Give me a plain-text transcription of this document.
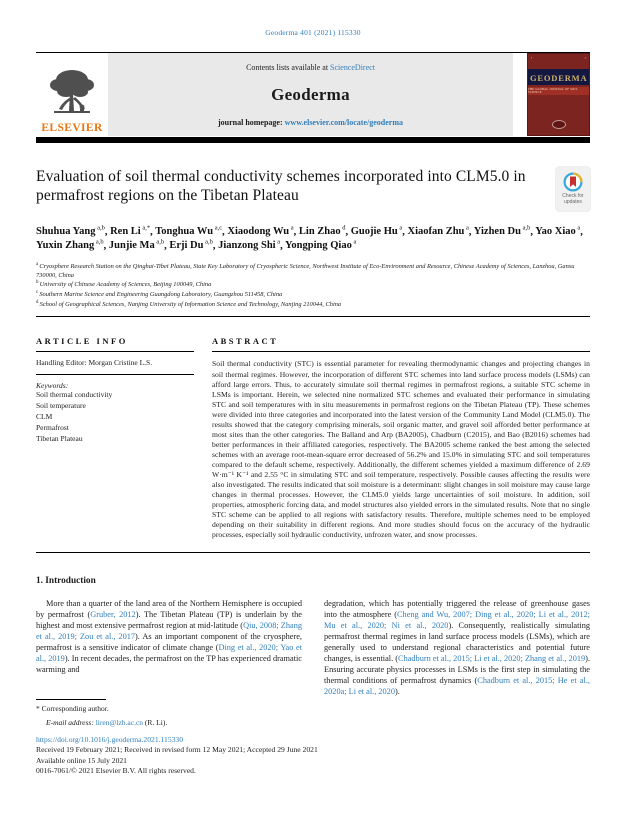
Geoderma 401 (2021) 115330
ELSEVIER
Contents lists available at ScienceDirect
Geoderma
journal homepage: www.elsevier.com/locate/geoderma
▪	▪
GEODERMA
THE GLOBAL JOURNAL OF SOIL SCIENCE
Evaluation of soil thermal conductivity schemes incorporated into CLM5.0 in permafrost regions on the Tibetan Plateau	Check for updates
Shuhua Yang $^{a,b}$, Ren Li $^{a,*}$, Tonghua Wu $^{a,c}$, Xiaodong Wu $^a$, Lin Zhao $^d$, Guojie Hu $^a$, Xiaofan Zhu $^a$, Yizhen Du $^{a,b}$, Yao Xiao $^a$, Yuxin Zhang $^{a,b}$, Junjie Ma $^{a,b}$, Erji Du $^{a,b}$, Jianzong Shi $^a$, Yongping Qiao $^a$
$^a$ Cryosphere Research Station on the Qinghai-Tibet Plateau, State Key Laboratory of Cryospheric Science, Northwest Institute of Eco-Environment and Resource, Chinese Academy of Sciences, Lanzhou, Gansu 730000, China
$^b$ University of Chinese Academy of Sciences, Beijing 100049, China
$^c$ Southern Marine Science and Engineering Guangdong Laboratory, Guangzhou 511458, China
$^d$ School of Geographical Sciences, Nanjing University of Information Science and Technology, Nanjing 210044, China
ARTICLE INFO
Handling Editor: Morgan Cristine L.S.
Keywords:
Soil thermal conductivity
Soil temperature
CLM
Permafrost
Tibetan Plateau
ABSTRACT
Soil thermal conductivity (STC) is essential parameter for revealing thermodynamic changes and projecting changes in soil thermal regimes. However, the incorporation of different STC schemes into land surface process models (LSMs) can afford large errors. Thus, to accurately simulate soil thermal regimes in permafrost regions, a suitable STC scheme in LSMs is important. Herein, we selected nine normalized STC schemes and evaluated their performance in simulating STC and soil temperatures with in situ measurements in permafrost regions on the Tibetan Plateau (TP). These schemes were divided into three categories and incorporated into the latest version of the Community Land Model (CLM5.0). The results showed that the category comprising minerals, soil organic matter, and gravel soil afforded better performance at most sites than the other categories. The Balland and Arp (BA2005), Chadburn (C2015), and Bao (B2016) schemes had better performances in their affiliated categories, respectively. The BA2005 scheme ranked the best among the selected schemes with an average root-mean-square error decreased of 56.2% and 15.0% in simulating STC and soil temperatures compared to the default scheme, respectively. Additionally, the different schemes yielded a maximum difference of 2.69 W·m⁻¹ K⁻¹ and 2.55 °C in simulating STC and soil temperature, respectively. Possible causes affecting the results were also investigated. The results indicated that soil moisture is a determinant: slight changes in soil moisture may cause large changes in thermal processes. However, the CLM5.0 yields large uncertainties of soil moisture. In addition, soil properties, atmospheric forcing data, and model structures also yielded errors in the simulated results. Note that no single STC scheme can be applied to all regions with satisfactory results. Therefore, multiple schemes need to be employed depending on their suitability in different regions. And more studies should focus on the accuracy of the hydraulic processes, especially soil hydraulic conductivity, unfrozen water, and snow processes.
1. Introduction
More than a quarter of the land area of the Northern Hemisphere is occupied by permafrost (Gruber, 2012). The Tibetan Plateau (TP) is underlain by the highest and most extensive permafrost region at mid-latitude (Qiu, 2008; Zhang et al., 2019; Zou et al., 2017). As an important component of the cryosphere, permafrost is a sensitive indicator of climate change (Ding et al., 2020; Yao et al., 2019). In recent decades, the permafrost on the TP has experienced dramatic warming and
* Corresponding author.
E-mail address: liren@lzb.ac.cn (R. Li).
degradation, which has potentially triggered the release of greenhouse gases into the atmosphere (Cheng and Wu, 2007; Ding et al., 2020; Li et al., 2012; Mu et al., 2020; Ni et al., 2020). Consequently, realistically simulating permafrost thermal regimes in land surface process models (LSMs), which are generally used to understand regional characteristics and potential future changes, is essential. (Chadburn et al., 2015; Li et al., 2020; Zhang et al., 2019). Ensuring accurate physics processes in LSMs is the first step in simulating the thermal conditions of permafrost dynamics (Chadburn et al., 2015; He et al., 2020a; Li et al., 2020).
https://doi.org/10.1016/j.geoderma.2021.115330
Received 19 February 2021; Received in revised form 12 May 2021; Accepted 29 June 2021
Available online 15 July 2021
0016-7061/© 2021 Elsevier B.V. All rights reserved.
